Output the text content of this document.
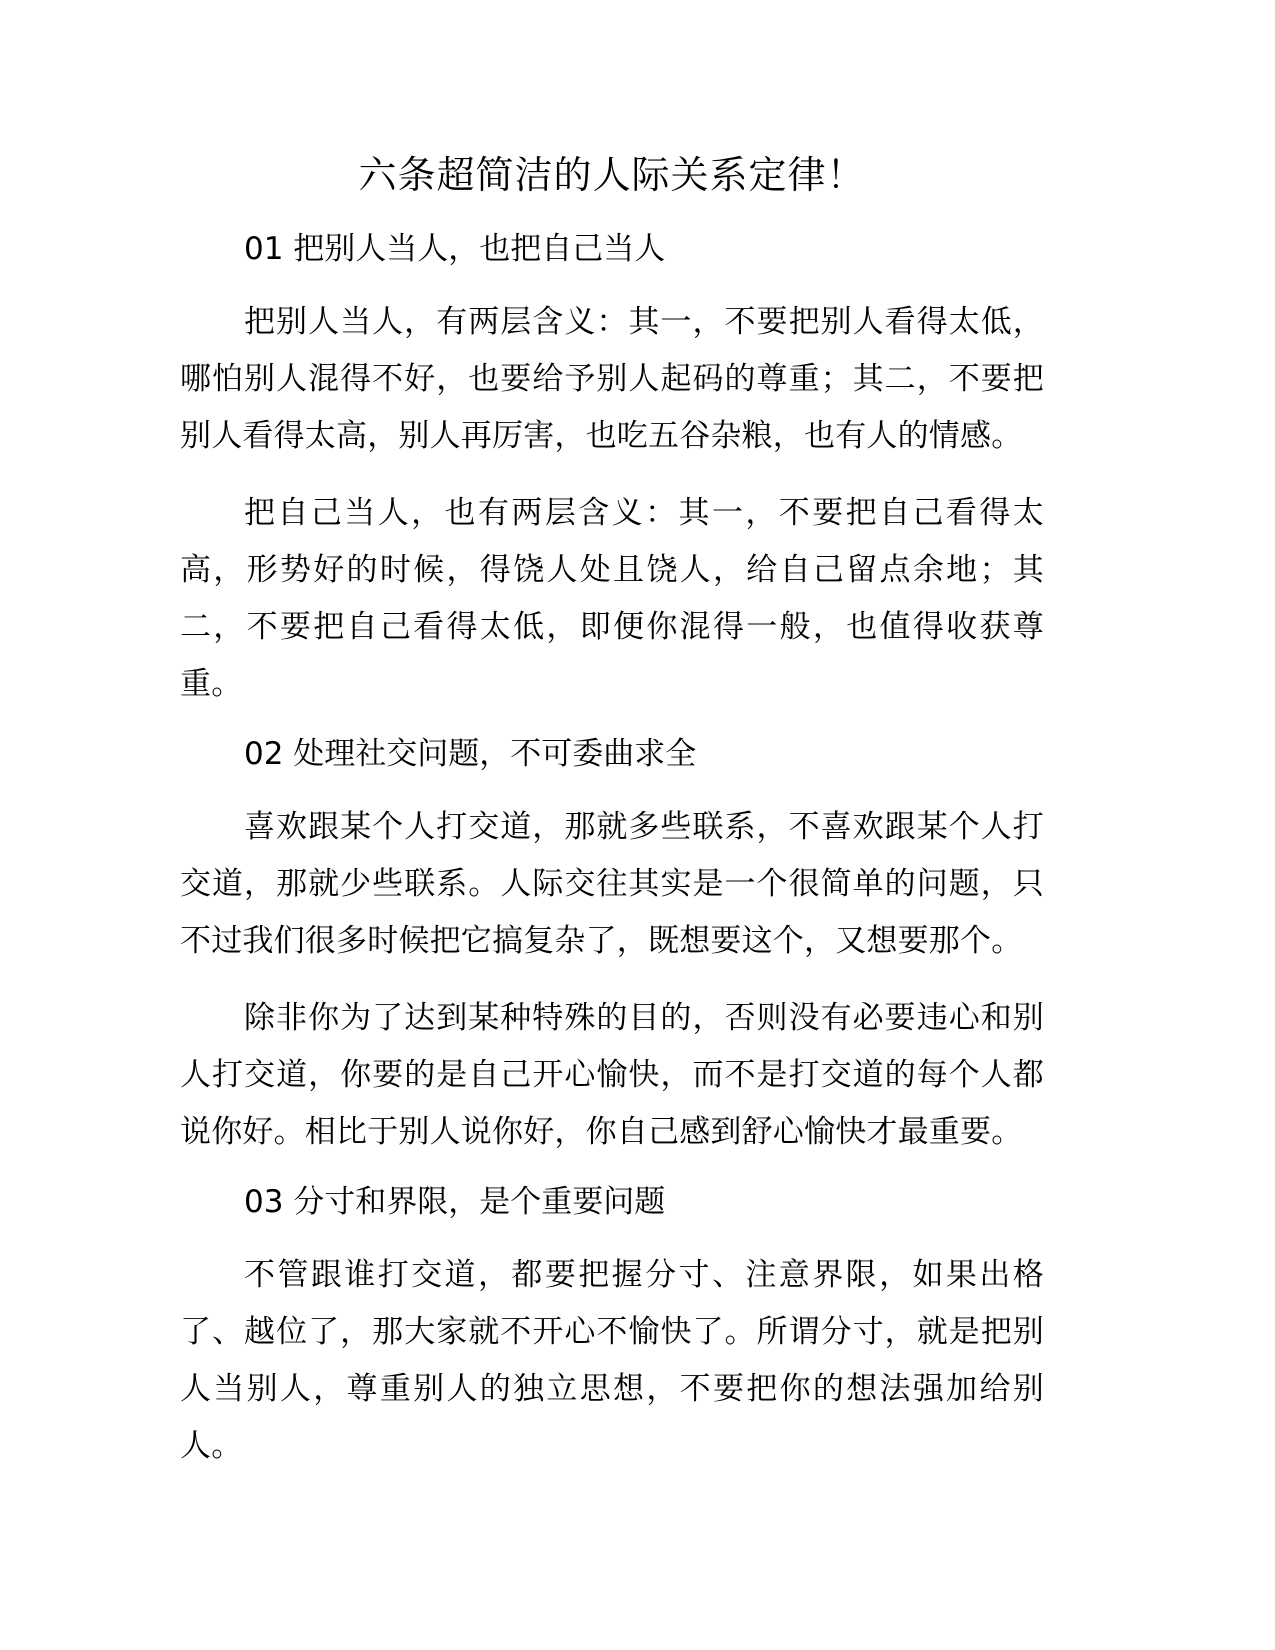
六条超简洁的人际关系定律！
01 把别人当人，也把自己当人

把别人当人，有两层含义：其一，不要把别人看得太低，哪怕别人混得不好，也要给予别人起码的尊重；其二，不要把别人看得太高，别人再厉害，也吃五谷杂粮，也有人的情感。

把自己当人，也有两层含义：其一，不要把自己看得太高，形势好的时候，得饶人处且饶人，给自己留点余地；其二，不要把自己看得太低，即便你混得一般，也值得收获尊重。

02 处理社交问题，不可委曲求全

喜欢跟某个人打交道，那就多些联系，不喜欢跟某个人打交道，那就少些联系。人际交往其实是一个很简单的问题，只不过我们很多时候把它搞复杂了，既想要这个，又想要那个。

除非你为了达到某种特殊的目的，否则没有必要违心和别人打交道，你要的是自己开心愉快，而不是打交道的每个人都说你好。相比于别人说你好，你自己感到舒心愉快才最重要。

03 分寸和界限，是个重要问题

不管跟谁打交道，都要把握分寸、注意界限，如果出格了、越位了，那大家就不开心不愉快了。所谓分寸，就是把别人当别人，尊重别人的独立思想，不要把你的想法强加给别人。
